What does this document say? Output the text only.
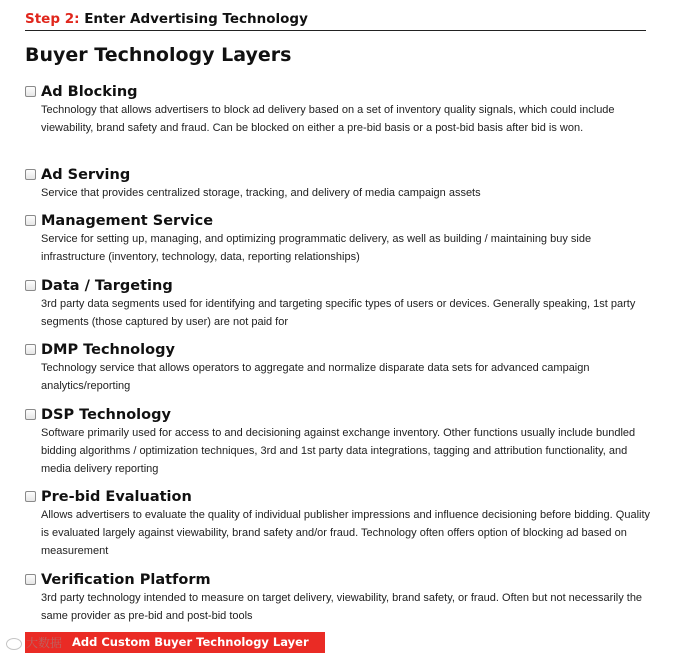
Step 2: Enter Advertising Technology
Buyer Technology Layers
Ad Blocking

Technology that allows advertisers to block ad delivery based on a set of inventory quality signals, which could include viewability, brand safety and fraud. Can be blocked on either a pre-bid basis or a post-bid basis after bid is won.

Ad Serving

Service that provides centralized storage, tracking, and delivery of media campaign assets

Management Service

Service for setting up, managing, and optimizing programmatic delivery, as well as building / maintaining buy side infrastructure (inventory, technology, data, reporting relationships)

Data / Targeting

3rd party data segments used for identifying and targeting specific types of users or devices. Generally speaking, 1st party segments (those captured by user) are not paid for

DMP Technology

Technology service that allows operators to aggregate and normalize disparate data sets for advanced campaign analytics/reporting

DSP Technology

Software primarily used for access to and decisioning against exchange inventory. Other functions usually include bundled bidding algorithms / optimization techniques, 3rd and 1st party data integrations, tagging and attribution functionality, and media delivery reporting

Pre-bid Evaluation

Allows advertisers to evaluate the quality of individual publisher impressions and influence decisioning before bidding. Quality is evaluated largely against viewability, brand safety and/or fraud. Technology often offers option of blocking ad based on measurement

Verification Platform

3rd party technology intended to measure on target delivery, viewability, brand safety, or fraud. Often but not necessarily the same provider as pre-bid and post-bid tools

Add Custom Buyer Technology Layer
大数据
